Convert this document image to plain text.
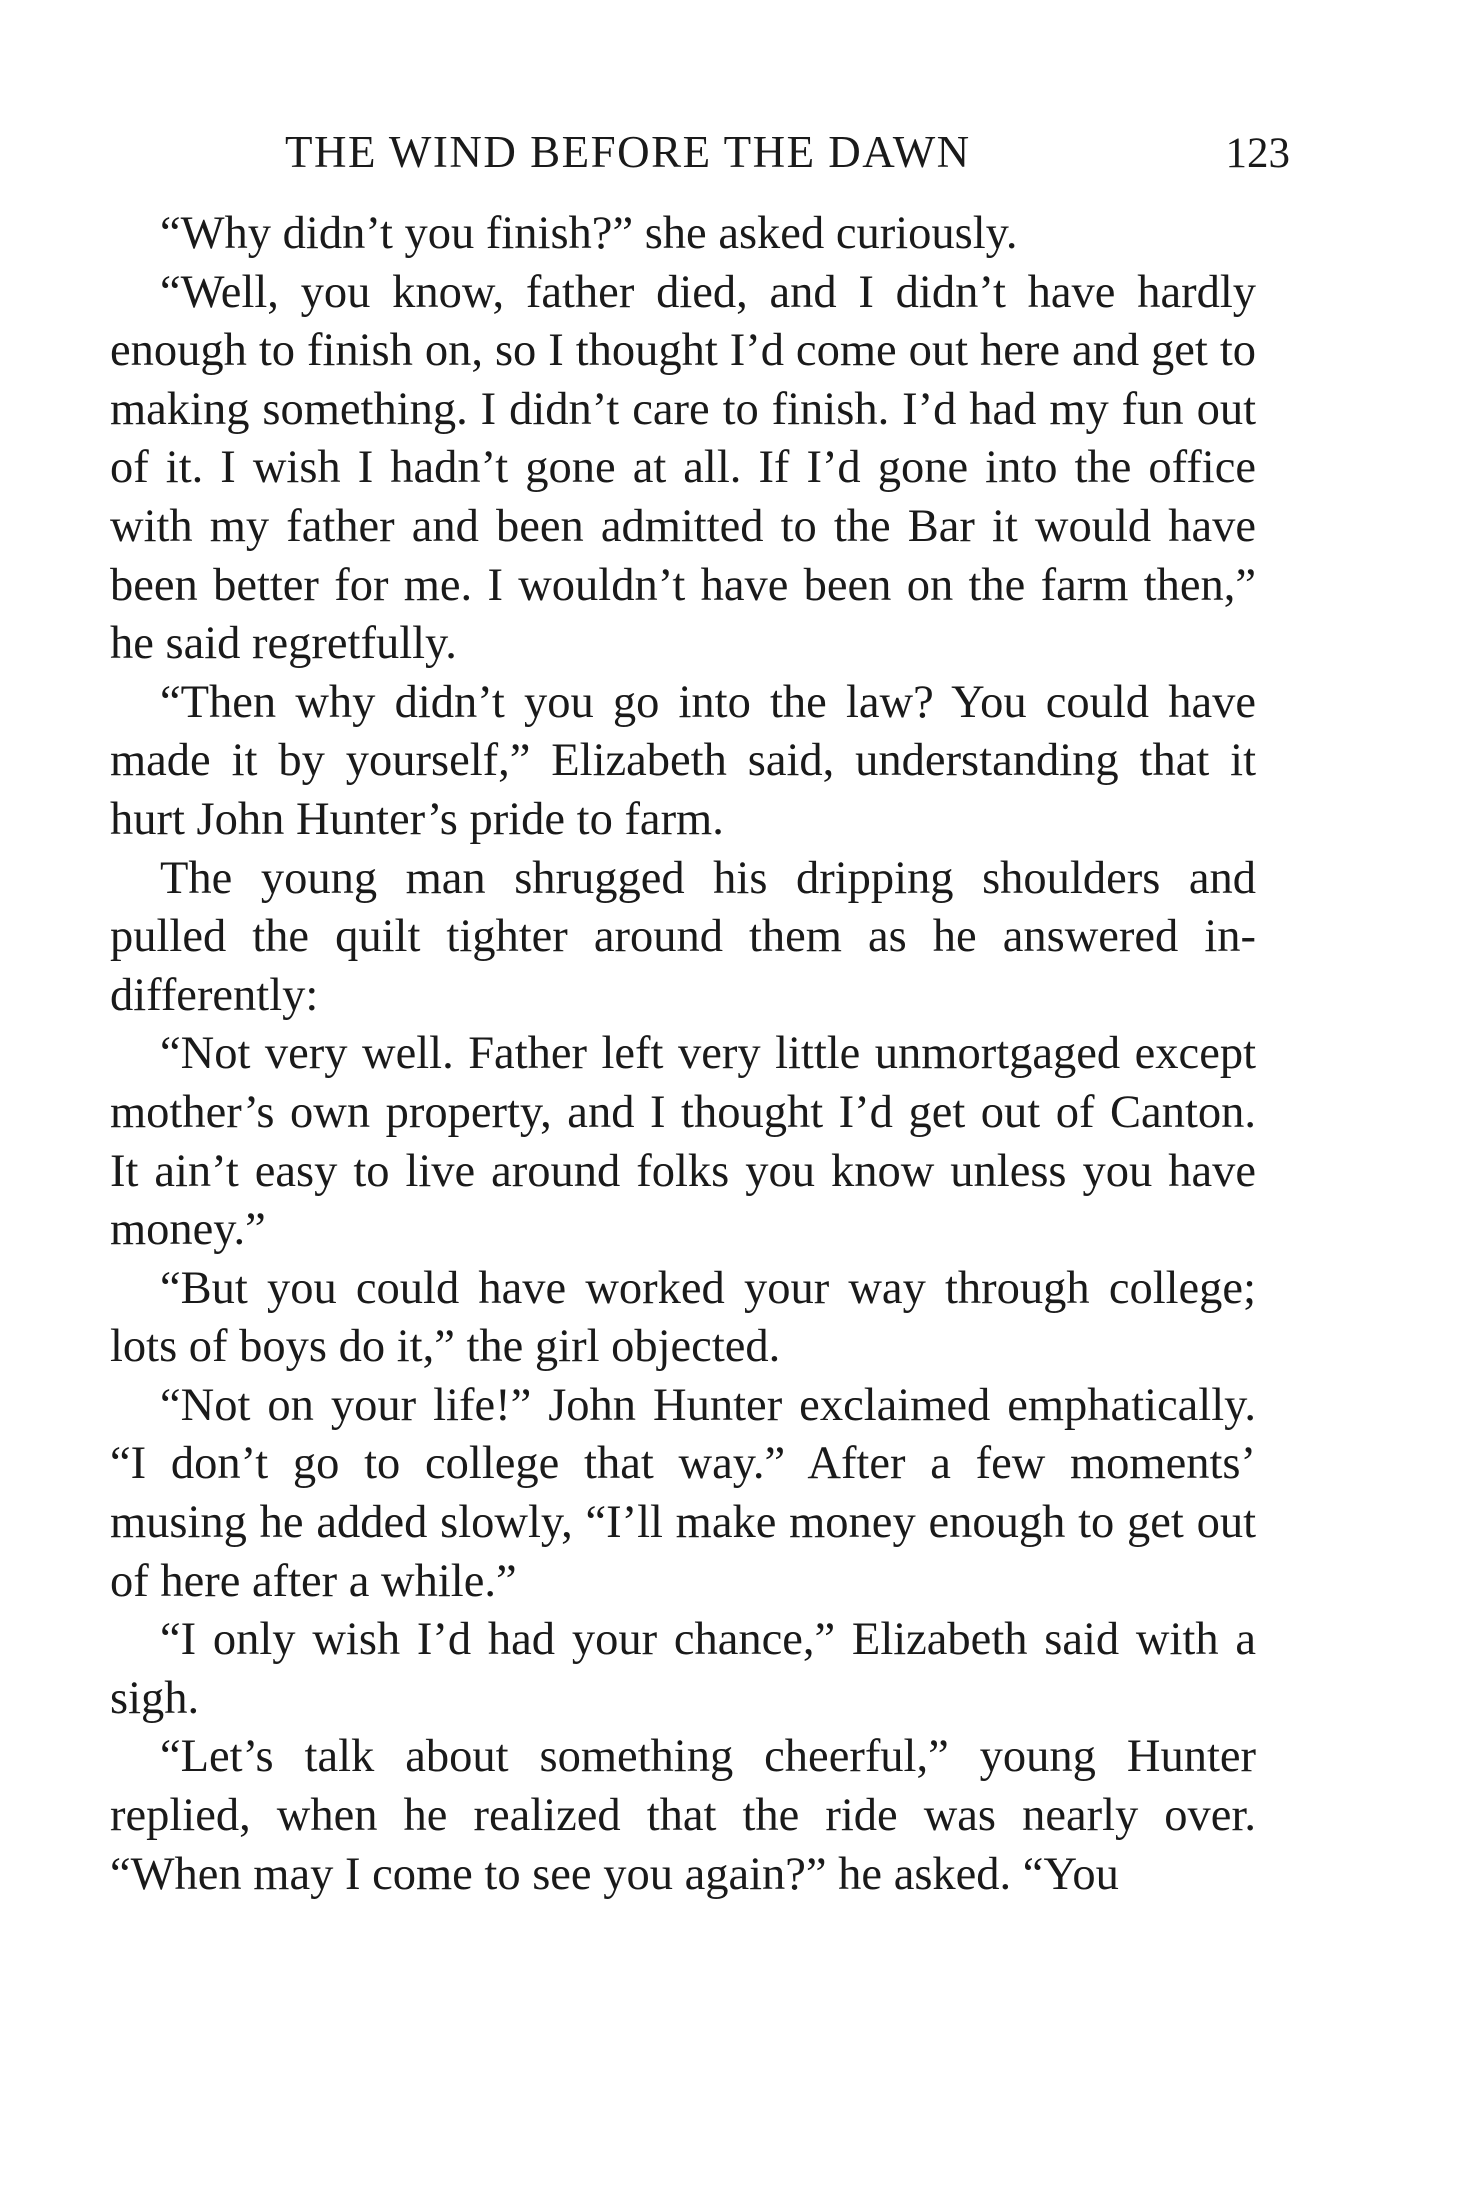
THE WIND BEFORE THE DAWN	123

“Why didn’t you finish?” she asked curiously.

“Well, you know, father died, and I didn’t have hardly enough to finish on, so I thought I’d come out here and get to making something. I didn’t care to finish. I’d had my fun out of it. I wish I hadn’t gone at all. If I’d gone into the office with my father and been admitted to the Bar it would have been better for me. I wouldn’t have been on the farm then,” he said regretfully.

“Then why didn’t you go into the law? You could have made it by yourself,” Elizabeth said, understanding that it hurt John Hunter’s pride to farm.

The young man shrugged his dripping shoulders and pulled the quilt tighter around them as he answered indifferently:

“Not very well. Father left very little unmortgaged except mother’s own property, and I thought I’d get out of Canton. It ain’t easy to live around folks you know unless you have money.”

“But you could have worked your way through college; lots of boys do it,” the girl objected.

“Not on your life!” John Hunter exclaimed emphatically. “I don’t go to college that way.” After a few moments’ musing he added slowly, “I’ll make money enough to get out of here after a while.”

“I only wish I’d had your chance,” Elizabeth said with a sigh.

“Let’s talk about something cheerful,” young Hunter replied, when he realized that the ride was nearly over. “When may I come to see you again?” he asked. “You
